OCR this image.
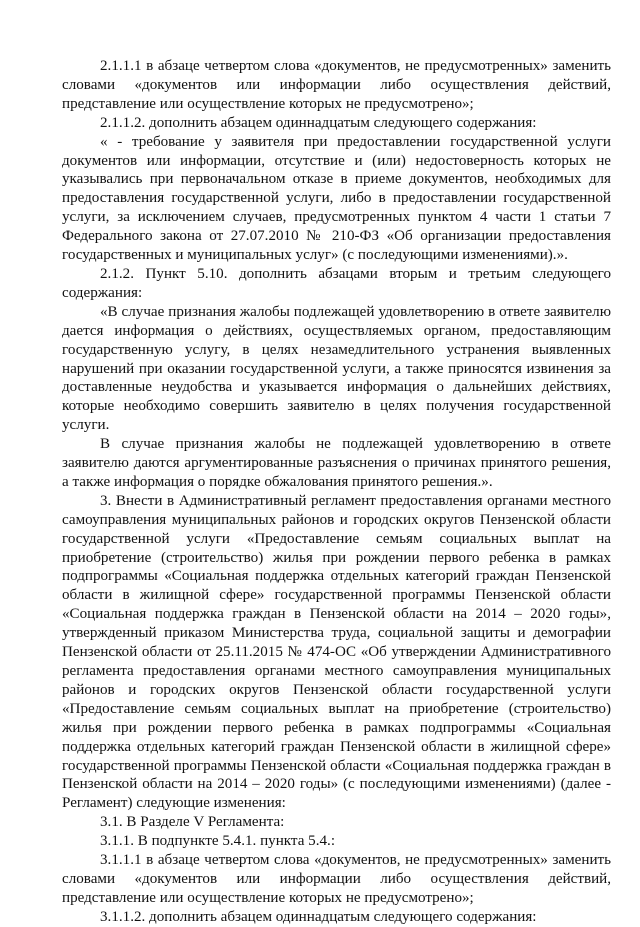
2.1.1.1 в абзаце четвертом слова «документов, не предусмотренных» заменить словами «документов или информации либо осуществления действий, представление или осуществление которых не предусмотрено»;

2.1.1.2. дополнить абзацем одиннадцатым следующего содержания:

« - требование у заявителя при предоставлении государственной услуги документов или информации, отсутствие и (или) недостоверность которых не указывались при первоначальном отказе в приеме документов, необходимых для предоставления государственной услуги, либо в предоставлении государственной услуги, за исключением случаев, предусмотренных пунктом 4 части 1 статьи 7 Федерального закона от 27.07.2010 № 210-ФЗ «Об организации предоставления государственных и муниципальных услуг» (с последующими изменениями).».

2.1.2. Пункт 5.10. дополнить абзацами вторым и третьим следующего содержания:

«В случае признания жалобы подлежащей удовлетворению в ответе заявителю дается информация о действиях, осуществляемых органом, предоставляющим государственную услугу, в целях незамедлительного устранения выявленных нарушений при оказании государственной услуги, а также приносятся извинения за доставленные неудобства и указывается информация о дальнейших действиях, которые необходимо совершить заявителю в целях получения государственной услуги.

В случае признания жалобы не подлежащей удовлетворению в ответе заявителю даются аргументированные разъяснения о причинах принятого решения, а также информация о порядке обжалования принятого решения.».

3. Внести в Административный регламент предоставления органами местного самоуправления муниципальных районов и городских округов Пензенской области государственной услуги «Предоставление семьям социальных выплат на приобретение (строительство) жилья при рождении первого ребенка в рамках подпрограммы «Социальная поддержка отдельных категорий граждан Пензенской области в жилищной сфере» государственной программы Пензенской области «Социальная поддержка граждан в Пензенской области на 2014 – 2020 годы», утвержденный приказом Министерства труда, социальной защиты и демографии Пензенской области от 25.11.2015 № 474-ОС «Об утверждении Административного регламента предоставления органами местного самоуправления муниципальных районов и городских округов Пензенской области государственной услуги «Предоставление семьям социальных выплат на приобретение (строительство) жилья при рождении первого ребенка в рамках подпрограммы «Социальная поддержка отдельных категорий граждан Пензенской области в жилищной сфере» государственной программы Пензенской области «Социальная поддержка граждан в Пензенской области на 2014 – 2020 годы» (с последующими изменениями) (далее - Регламент) следующие изменения:

3.1. В Разделе V Регламента:

3.1.1. В подпункте 5.4.1. пункта 5.4.:

3.1.1.1 в абзаце четвертом слова «документов, не предусмотренных» заменить словами «документов или информации либо осуществления действий, представление или осуществление которых не предусмотрено»;

3.1.1.2. дополнить абзацем одиннадцатым следующего содержания:
